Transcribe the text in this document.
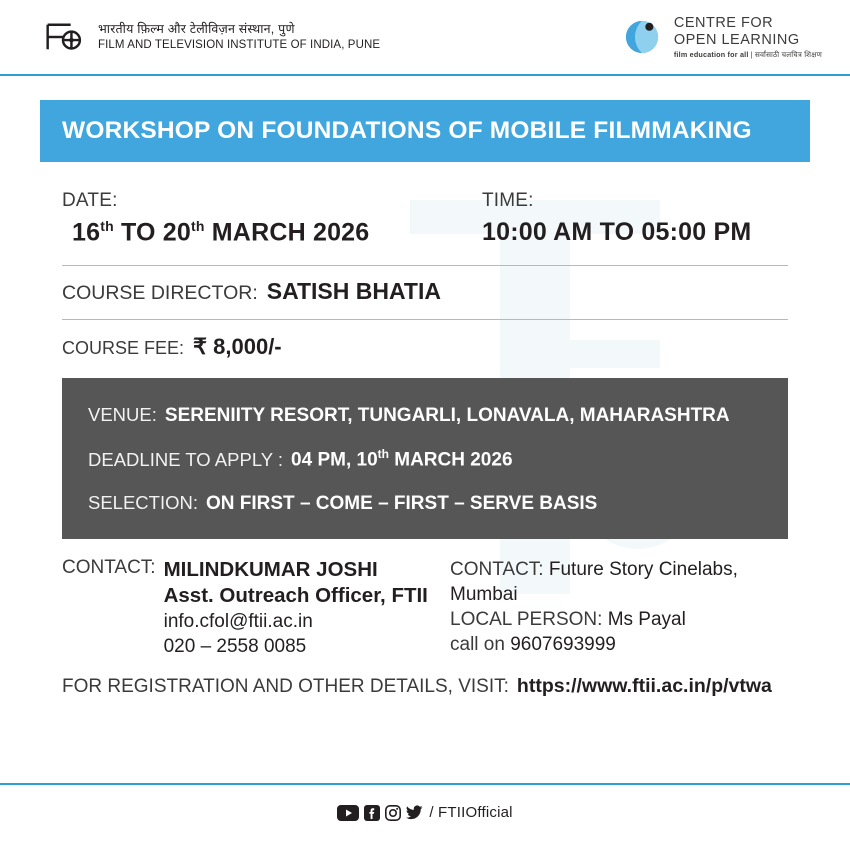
भारतीय फ़िल्म और टेलीविज़न संस्थान, पुणे
FILM AND TELEVISION INSTITUTE OF INDIA, PUNE
CENTRE FOR
OPEN LEARNING
film education for all | सर्वांसाठी चलचित्र शिक्षण
WORKSHOP ON FOUNDATIONS OF MOBILE FILMMAKING
DATE:
16th TO 20th MARCH 2026
TIME:
10:00 AM TO 05:00 PM
COURSE DIRECTOR: SATISH BHATIA
COURSE FEE: ₹ 8,000/-
VENUE: SERENIITY RESORT, TUNGARLI, LONAVALA, MAHARASHTRA
DEADLINE TO APPLY : 04 PM, 10th MARCH 2026
SELECTION: ON FIRST – COME – FIRST – SERVE BASIS
CONTACT: MILINDKUMAR JOSHI
Asst. Outreach Officer, FTII
info.cfol@ftii.ac.in
020 – 2558 0085
CONTACT: Future Story Cinelabs, Mumbai
LOCAL PERSON: Ms Payal
call on 9607693999
FOR REGISTRATION AND OTHER DETAILS, VISIT: https://www.ftii.ac.in/p/vtwa
/ FTIIOfficial
